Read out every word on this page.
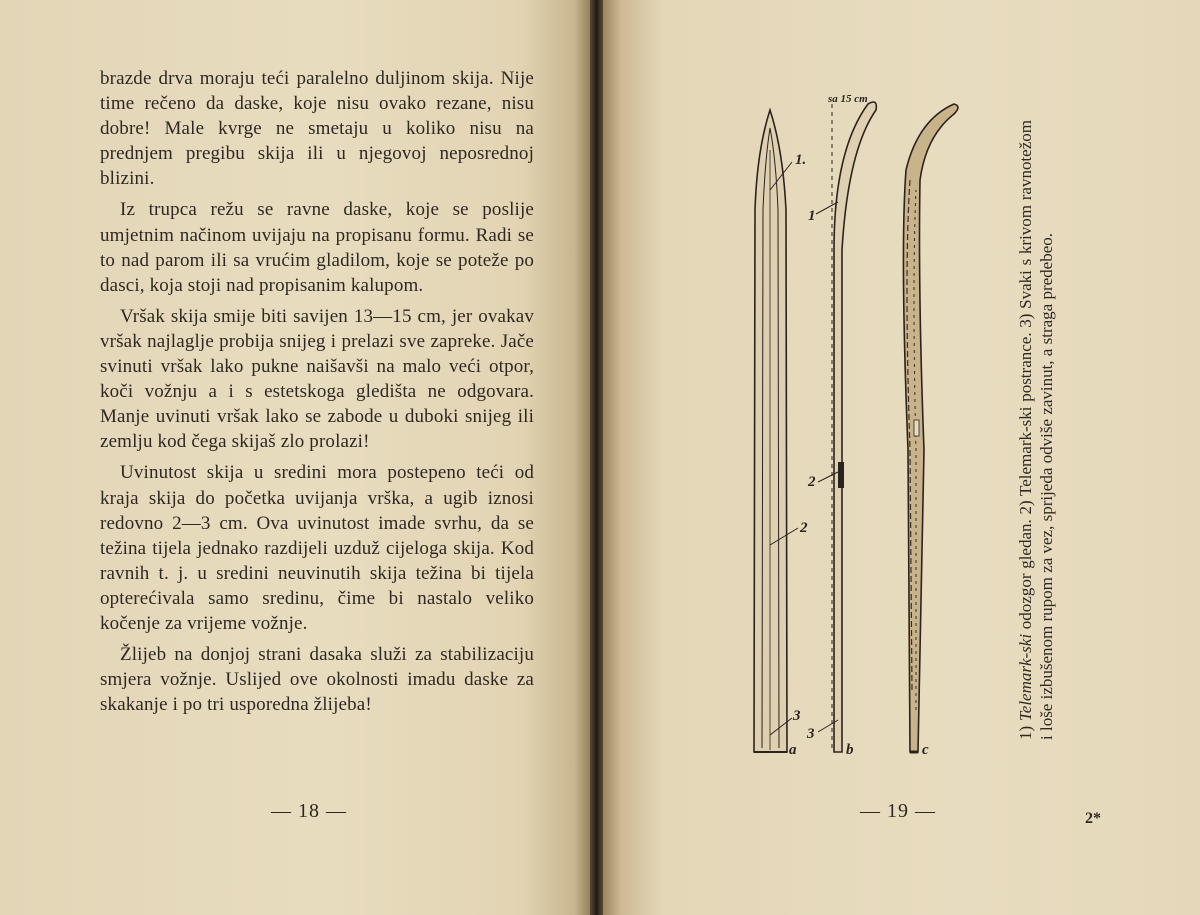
brazde drva moraju teći paralelno duljinom skija. Nije time rečeno da daske, koje nisu ovako rezane, nisu dobre! Male kvrge ne smetaju u koliko nisu na prednjem pregibu skija ili u njegovoj neposrednoj blizini.

Iz trupca režu se ravne daske, koje se poslije umjetnim načinom uvijaju na propisanu formu. Radi se to nad parom ili sa vrućim gladilom, koje se poteže po dasci, koja stoji nad propisanim kalupom.

Vršak skija smije biti savijen 13—15 cm, jer ovakav vršak najlaglje probija snijeg i prelazi sve zapreke. Jače svinuti vršak lako pukne naišavši na malo veći otpor, koči vožnju a i s estetskoga gledišta ne odgovara. Manje uvinuti vršak lako se zabode u duboki snijeg ili zemlju kod čega skijaš zlo prolazi!

Uvinutost skija u sredini mora postepeno teći od kraja skija do početka uvijanja vrška, a ugib iznosi redovno 2—3 cm. Ova uvinutost imade svrhu, da se težina tijela jednako razdijeli uzduž cijeloga skija. Kod ravnih t. j. u sredini neuvinutih skija težina bi tijela opterećivala samo sredinu, čime bi nastalo veliko kočenje za vrijeme vožnje.

Žlijeb na donjoj strani dasaka služi za stabilizaciju smjera vožnje. Uslijed ove okolnosti imadu daske za skakanje i po tri usporedna žlijeba!

— 18 —
1.
2
3
a
1
2
3
b	c
sa 15 cm
1) Telemark-ski odozgor gledan. 2) Telemark-ski postrance. 3) Svaki s krivom ravnotežom i loše izbušenom rupom za vez, sprijeda odviše zavinut, a straga predebeo.
— 19 —	2*
